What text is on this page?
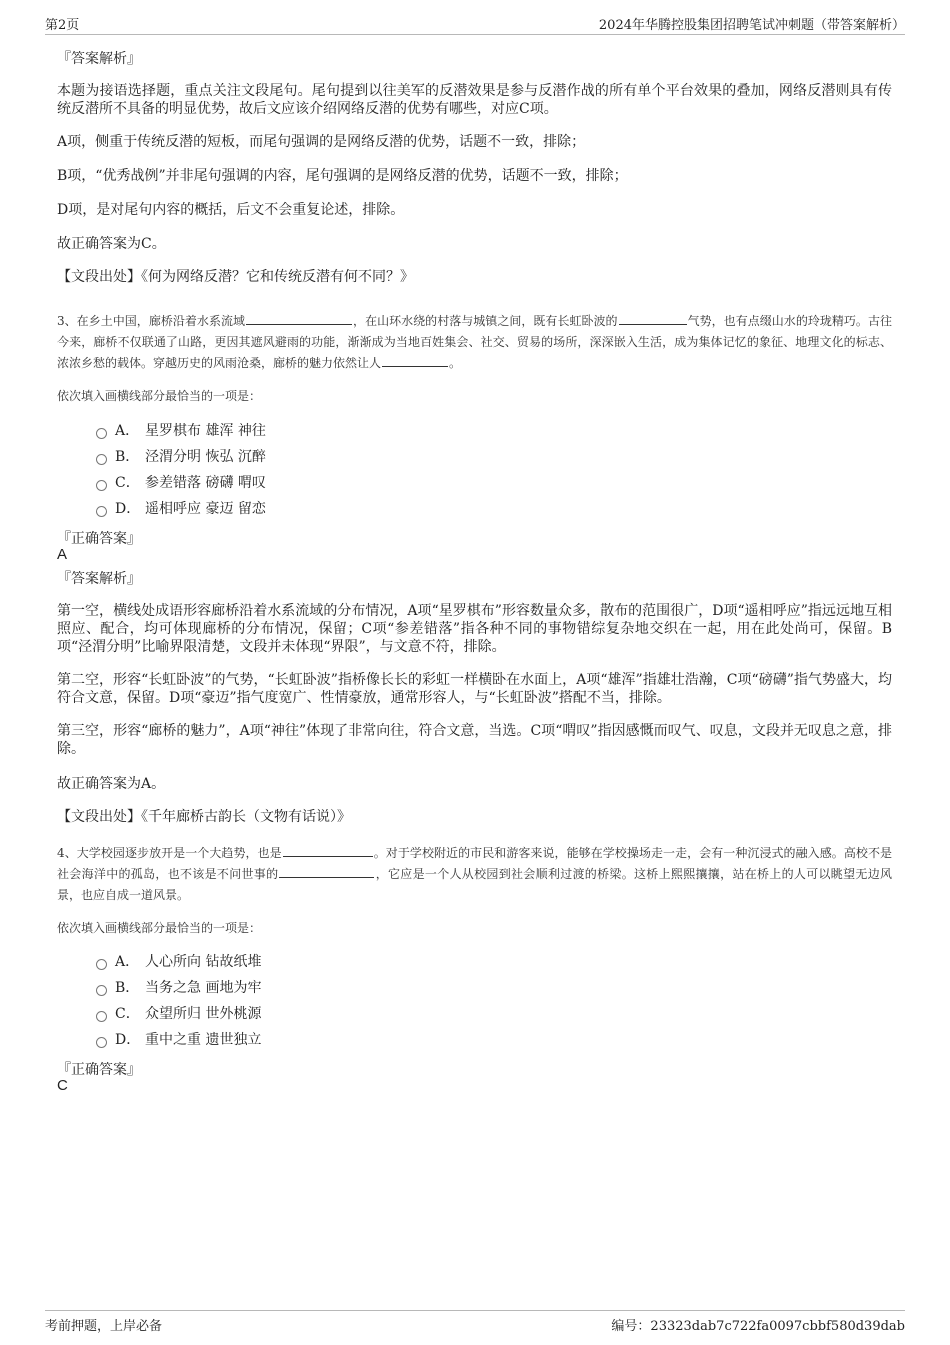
第2页	2024年华腾控股集团招聘笔试冲刺题（带答案解析）
『答案解析』

本题为接语选择题，重点关注文段尾句。尾句提到以往美军的反潜效果是参与反潜作战的所有单个平台效果的叠加，网络反潜则具有传统反潜所不具备的明显优势，故后文应该介绍网络反潜的优势有哪些，对应C项。

A项，侧重于传统反潜的短板，而尾句强调的是网络反潜的优势，话题不一致，排除；

B项，“优秀战例”并非尾句强调的内容，尾句强调的是网络反潜的优势，话题不一致，排除；

D项，是对尾句内容的概括，后文不会重复论述，排除。

故正确答案为C。

【文段出处】《何为网络反潜？它和传统反潜有何不同？》

3、在乡土中国，廊桥沿着水系流域	，在山环水绕的村落与城镇之间，既有长虹卧波的	气势，也有点缀山水的玲珑精巧。古往今来，廊桥不仅联通了山路，更因其遮风避雨的功能，渐渐成为当地百姓集会、社交、贸易的场所，深深嵌入生活，成为集体记忆的象征、地理文化的标志、浓浓乡愁的载体。穿越历史的风雨沧桑，廊桥的魅力依然让人	。

依次填入画横线部分最恰当的一项是：
A． 星罗棋布 雄浑 神往
B． 泾渭分明 恢弘 沉醉
C． 参差错落 磅礴 喟叹
D． 遥相呼应 豪迈 留恋
『正确答案』
A
『答案解析』

第一空，横线处成语形容廊桥沿着水系流域的分布情况，A项“星罗棋布”形容数量众多，散布的范围很广，D项“遥相呼应”指远远地互相照应、配合，均可体现廊桥的分布情况，保留；C项“参差错落”指各种不同的事物错综复杂地交织在一起，用在此处尚可，保留。B项“泾渭分明”比喻界限清楚，文段并未体现“界限”，与文意不符，排除。

第二空，形容“长虹卧波”的气势，“长虹卧波”指桥像长长的彩虹一样横卧在水面上，A项“雄浑”指雄壮浩瀚，C项“磅礴”指气势盛大，均符合文意，保留。D项“豪迈”指气度宽广、性情豪放，通常形容人，与“长虹卧波”搭配不当，排除。

第三空，形容“廊桥的魅力”，A项“神往”体现了非常向往，符合文意，当选。C项“喟叹”指因感慨而叹气、叹息，文段并无叹息之意，排除。

故正确答案为A。

【文段出处】《千年廊桥古韵长（文物有话说）》

4、大学校园逐步放开是一个大趋势，也是	。对于学校附近的市民和游客来说，能够在学校操场走一走，会有一种沉浸式的融入感。高校不是社会海洋中的孤岛，也不该是不问世事的	，它应是一个人从校园到社会顺利过渡的桥梁。这桥上熙熙攘攘，站在桥上的人可以眺望无边风景，也应自成一道风景。

依次填入画横线部分最恰当的一项是：
A． 人心所向 钻故纸堆
B． 当务之急 画地为牢
C． 众望所归 世外桃源
D． 重中之重 遗世独立
『正确答案』
C
考前押题，上岸必备	编号：23323dab7c722fa0097cbbf580d39dab
